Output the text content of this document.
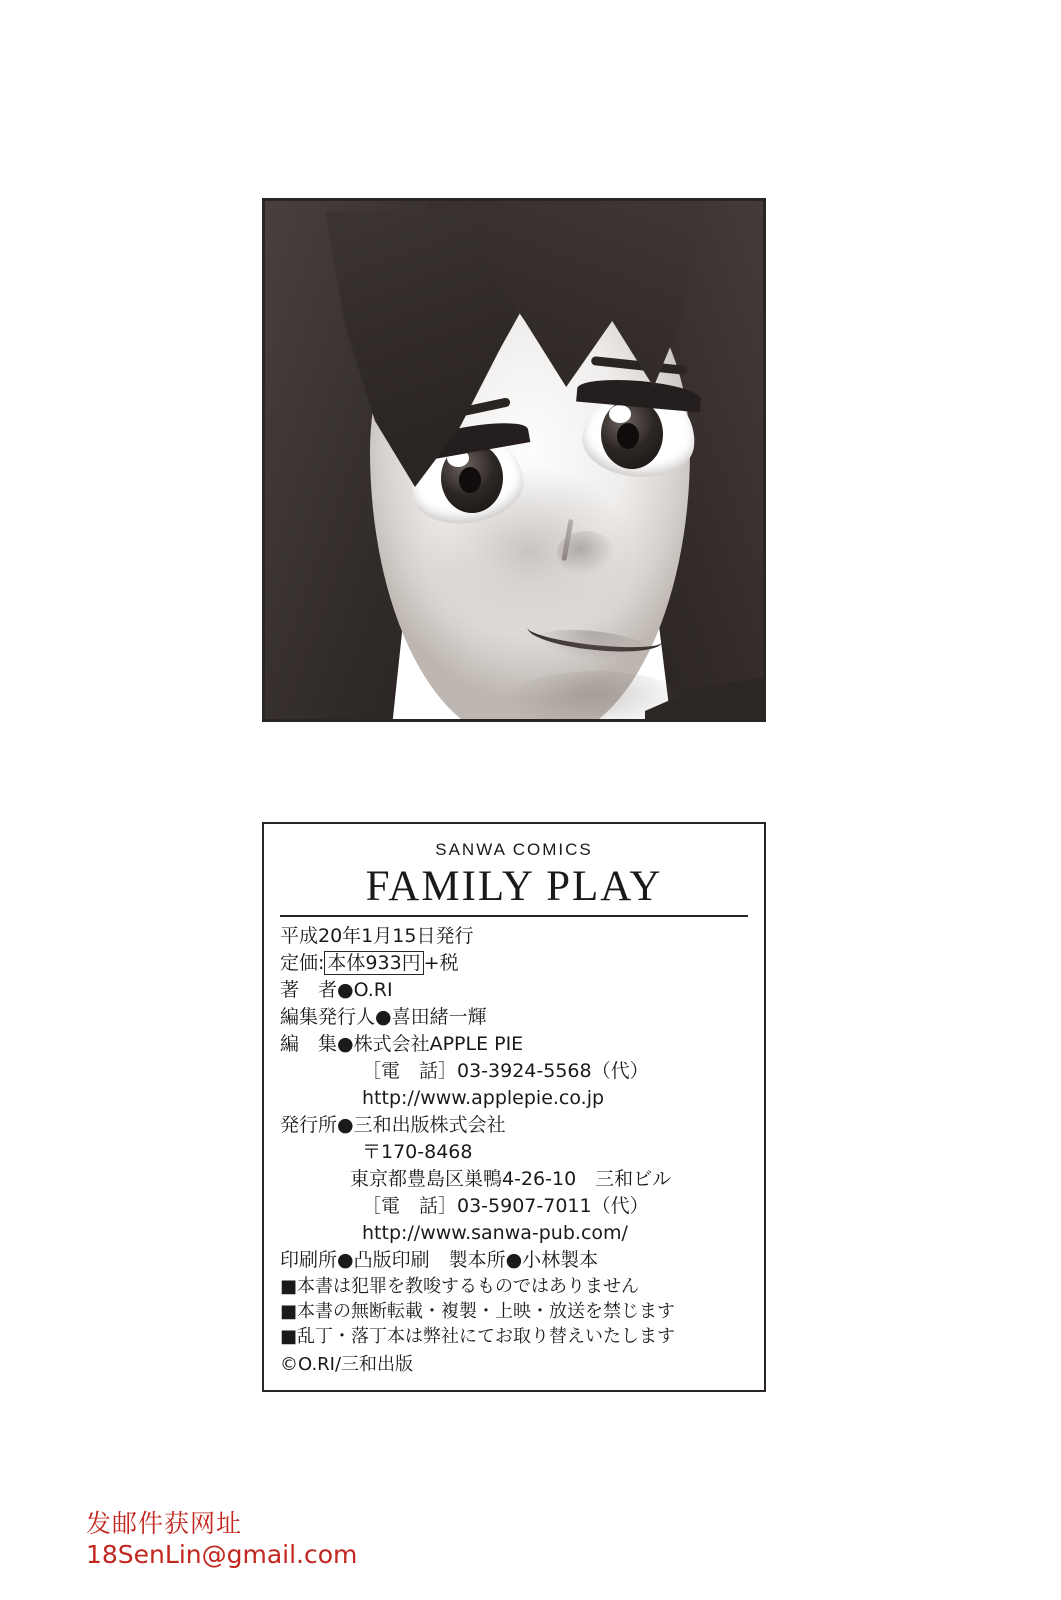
SANWA COMICS
FAMILY PLAY
平成20年1月15日発行
定価: 本体933円 +税
著　者●O.RI
編集発行人●喜田緒一輝
編　集●株式会社APPLE PIE
［電　話］03-3924-5568（代）
http://www.applepie.co.jp
発行所●三和出版株式会社
〒170-8468
東京都豊島区巣鴨4-26-10　三和ビル
［電　話］03-5907-7011（代）
http://www.sanwa-pub.com/
印刷所●凸版印刷　製本所●小林製本
■本書は犯罪を教唆するものではありません
■本書の無断転載・複製・上映・放送を禁じます
■乱丁・落丁本は弊社にてお取り替えいたします
©O.RI/三和出版
发邮件获网址
18SenLin@gmail.com
